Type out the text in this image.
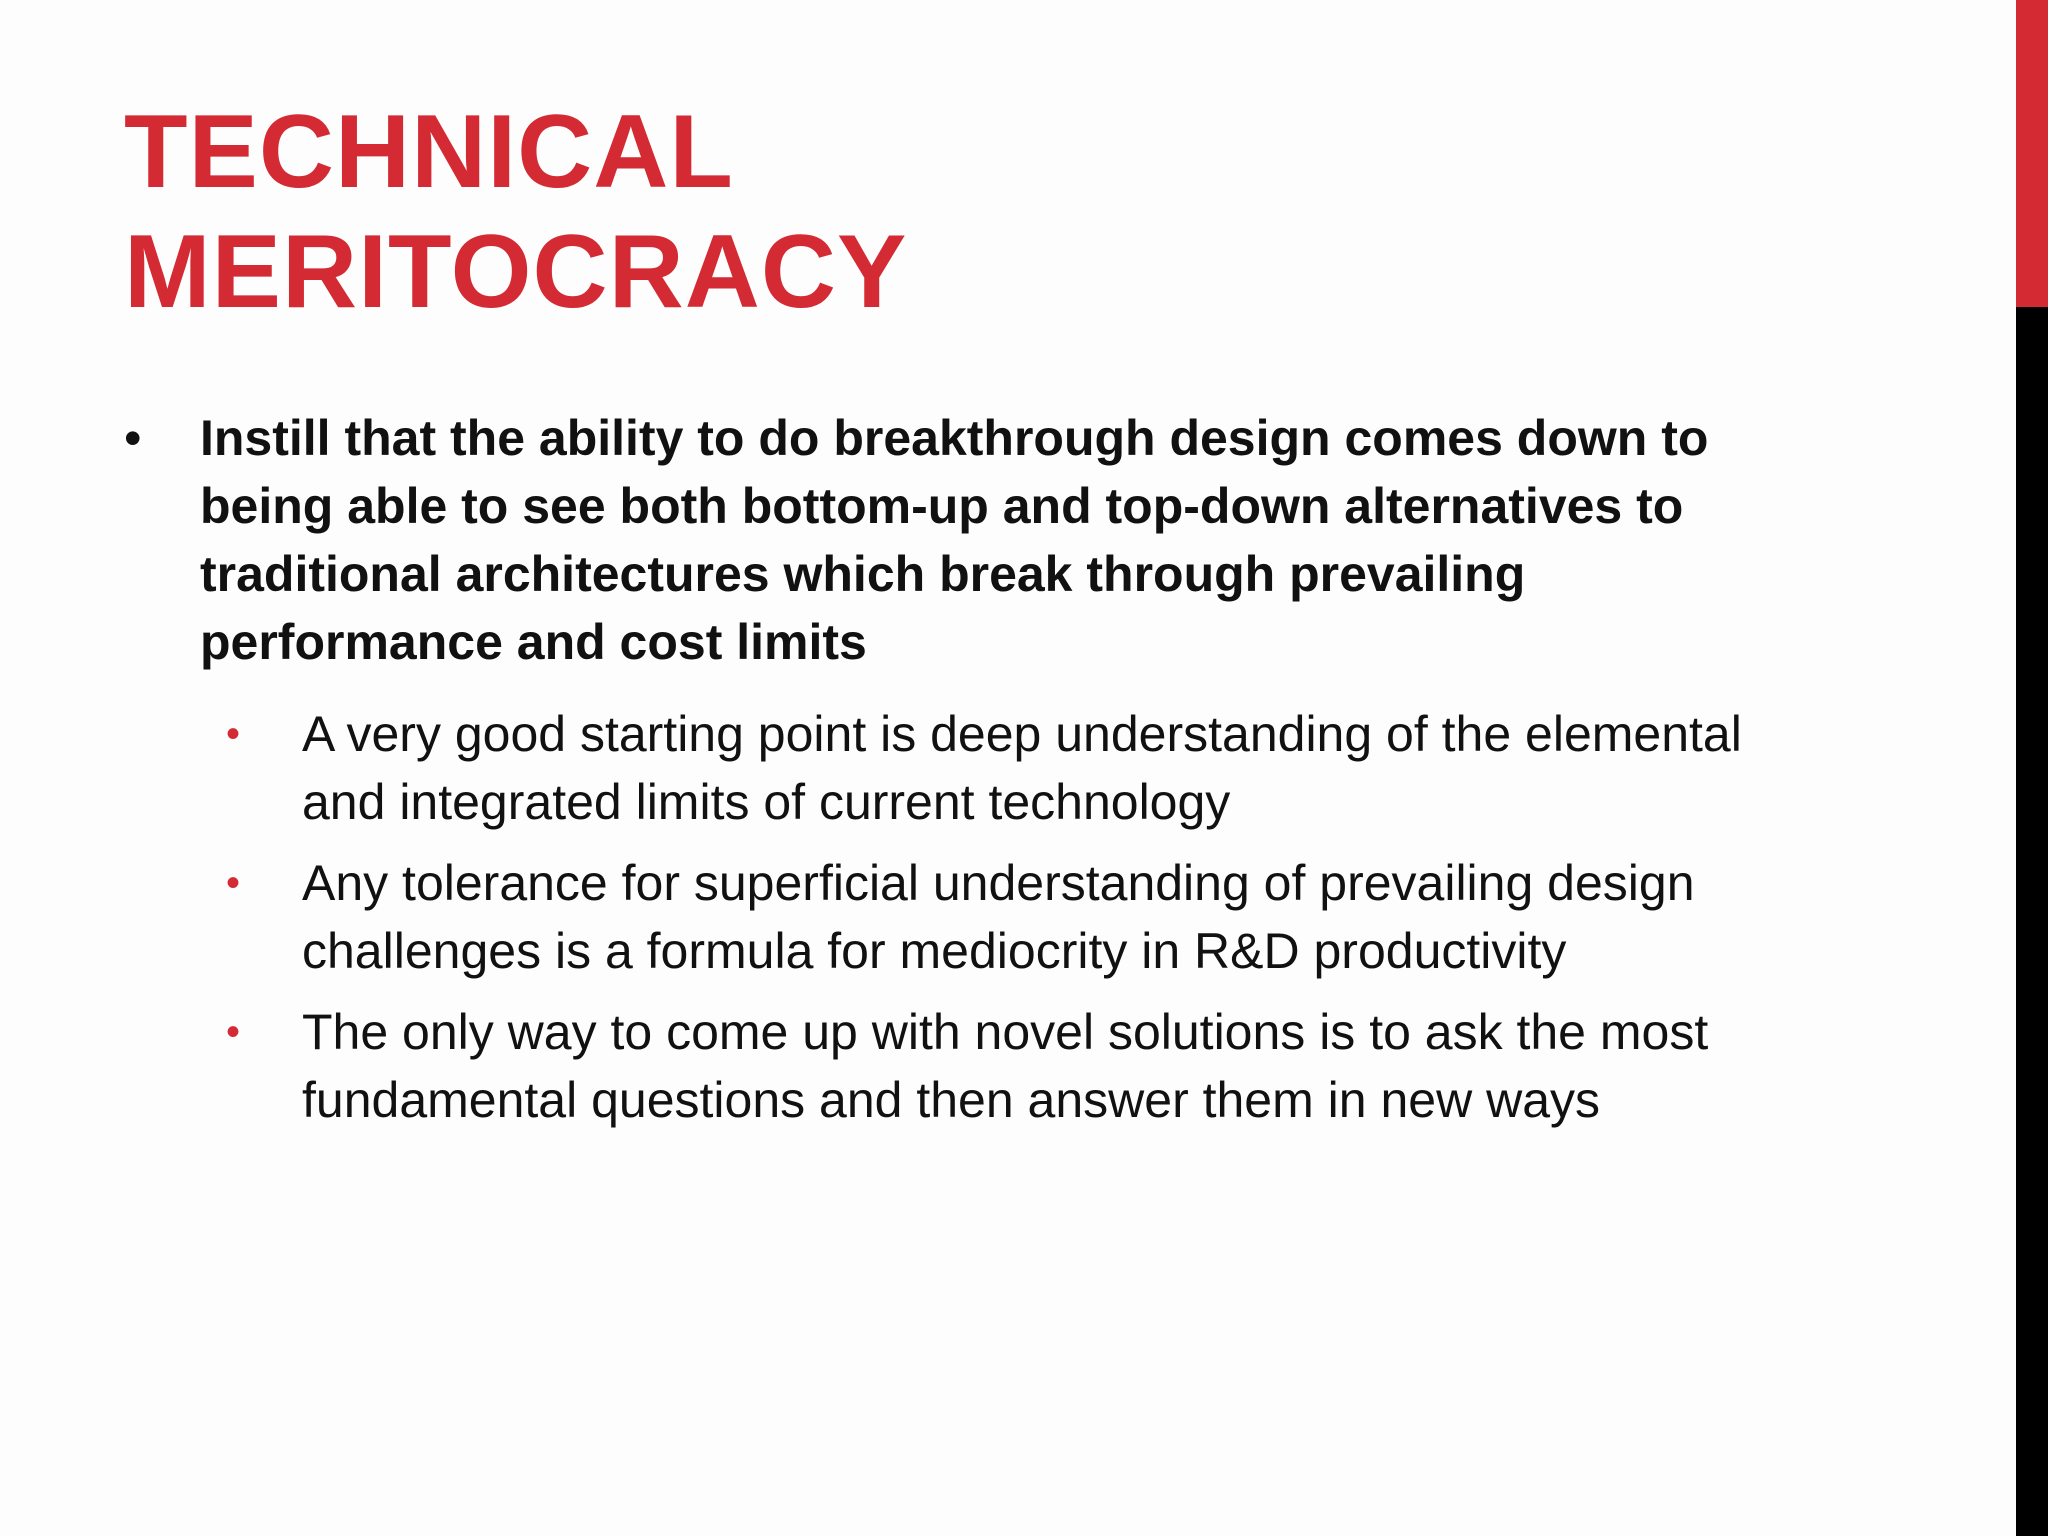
TECHNICAL
MERITOCRACY
• Instill that the ability to do breakthrough design comes down to being able to see both bottom-up and top-down alternatives to traditional architectures which break through prevailing performance and cost limits
•	A very good starting point is deep understanding of the elemental and integrated limits of current technology
•	Any tolerance for superficial understanding of prevailing design challenges is a formula for mediocrity in R&D productivity
•	The only way to come up with novel solutions is to ask the most fundamental questions and then answer them in new ways
